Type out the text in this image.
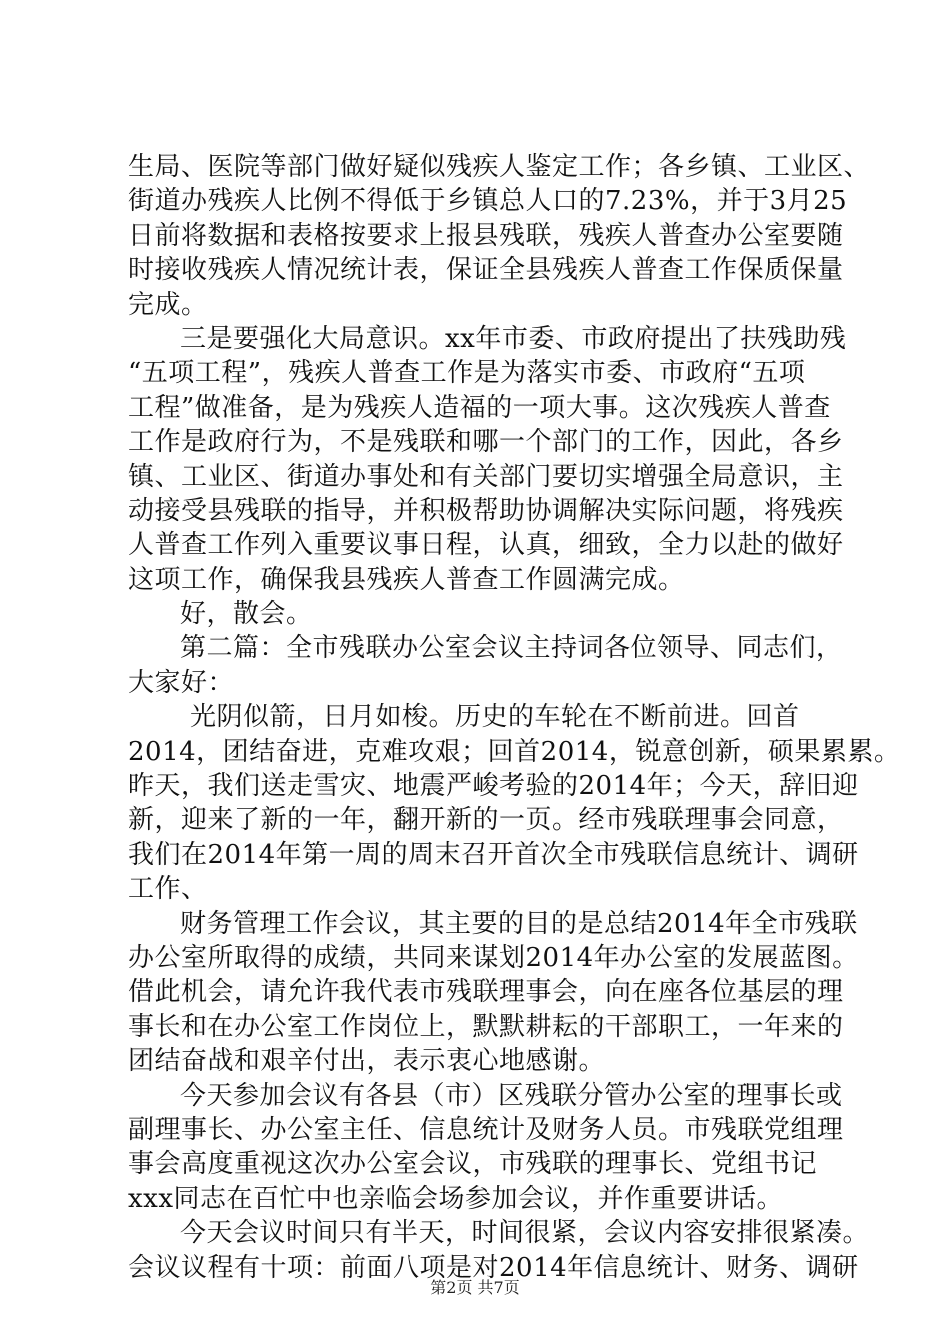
生局、医院等部门做好疑似残疾人鉴定工作；各乡镇、工业区、
街道办残疾人比例不得低于乡镇总人口的7.23%，并于3月25
日前将数据和表格按要求上报县残联，残疾人普查办公室要随
时接收残疾人情况统计表，保证全县残疾人普查工作保质保量
完成。
三是要强化大局意识。xx年市委、市政府提出了扶残助残
“五项工程”，残疾人普查工作是为落实市委、市政府“五项
工程”做准备，是为残疾人造福的一项大事。这次残疾人普查
工作是政府行为，不是残联和哪一个部门的工作，因此，各乡
镇、工业区、街道办事处和有关部门要切实增强全局意识，主
动接受县残联的指导，并积极帮助协调解决实际问题，将残疾
人普查工作列入重要议事日程，认真，细致，全力以赴的做好
这项工作，确保我县残疾人普查工作圆满完成。
好，散会。
第二篇：全市残联办公室会议主持词各位领导、同志们，
大家好：
光阴似箭，日月如梭。历史的车轮在不断前进。回首
2014，团结奋进，克难攻艰；回首2014，锐意创新，硕果累累。
昨天，我们送走雪灾、地震严峻考验的2014年；今天，辞旧迎
新，迎来了新的一年，翻开新的一页。经市残联理事会同意，
我们在2014年第一周的周末召开首次全市残联信息统计、调研
工作、
财务管理工作会议，其主要的目的是总结2014年全市残联
办公室所取得的成绩，共同来谋划2014年办公室的发展蓝图。
借此机会，请允许我代表市残联理事会，向在座各位基层的理
事长和在办公室工作岗位上，默默耕耘的干部职工，一年来的
团结奋战和艰辛付出，表示衷心地感谢。
今天参加会议有各县（市）区残联分管办公室的理事长或
副理事长、办公室主任、信息统计及财务人员。市残联党组理
事会高度重视这次办公室会议，市残联的理事长、党组书记
xxx同志在百忙中也亲临会场参加会议，并作重要讲话。
今天会议时间只有半天，时间很紧，会议内容安排很紧凑。
会议议程有十项：前面八项是对2014年信息统计、财务、调研
第2页 共7页
